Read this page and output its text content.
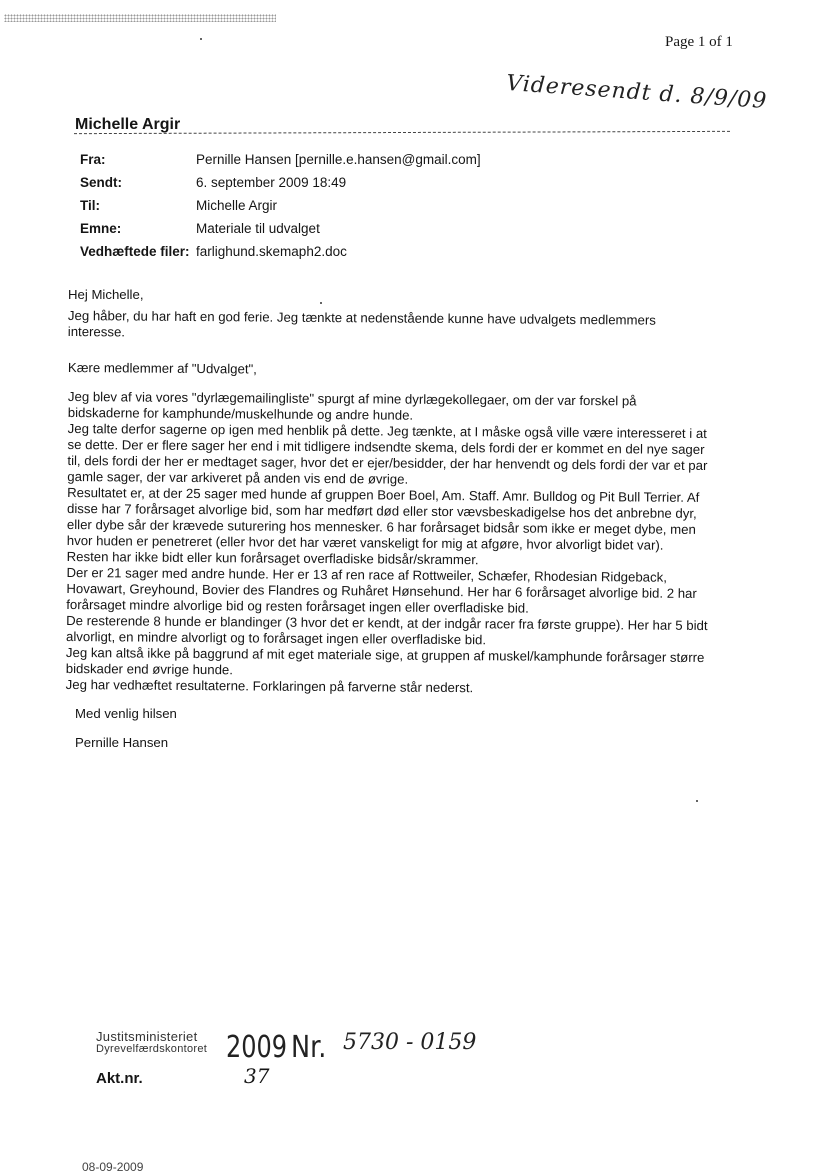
Page 1 of 1
Videresendt d. 8/9/09
Michelle Argir
Fra:	Pernille Hansen [pernille.e.hansen@gmail.com]
Sendt:	6. september 2009 18:49
Til:	Michelle Argir
Emne:	Materiale til udvalget
Vedhæftede filer: farlighund.skemaph2.doc
Hej Michelle,

Jeg håber, du har haft en god ferie. Jeg tænkte at nedenstående kunne have udvalgets medlemmers

interesse.

Kære medlemmer af "Udvalget",

Jeg blev af via vores "dyrlægemailingliste" spurgt af mine dyrlægekollegaer, om der var forskel på

bidskaderne for kamphunde/muskelhunde og andre hunde.

Jeg talte derfor sagerne op igen med henblik på dette. Jeg tænkte, at I måske også ville være interesseret i at

se dette. Der er flere sager her end i mit tidligere indsendte skema, dels fordi der er kommet en del nye sager

til, dels fordi der her er medtaget sager, hvor det er ejer/besidder, der har henvendt og dels fordi der var et par

gamle sager, der var arkiveret på anden vis end de øvrige.

Resultatet er, at der 25 sager med hunde af gruppen Boer Boel, Am. Staff. Amr. Bulldog og Pit Bull Terrier. Af

disse har 7 forårsaget alvorlige bid, som har medført død eller stor vævsbeskadigelse hos det anbrebne dyr,

eller dybe sår der krævede suturering hos mennesker. 6 har forårsaget bidsår som ikke er meget dybe, men

hvor huden er penetreret (eller hvor det har været vanskeligt for mig at afgøre, hvor alvorligt bidet var).

Resten har ikke bidt eller kun forårsaget overfladiske bidsår/skrammer.

Der er 21 sager med andre hunde. Her er 13 af ren race af Rottweiler, Schæfer, Rhodesian Ridgeback,

Hovawart, Greyhound, Bovier des Flandres og Ruhåret Hønsehund. Her har 6 forårsaget alvorlige bid. 2 har

forårsaget mindre alvorlige bid og resten forårsaget ingen eller overfladiske bid.

De resterende 8 hunde er blandinger (3 hvor det er kendt, at der indgår racer fra første gruppe). Her har 5 bidt

alvorligt, en mindre alvorligt og to forårsaget ingen eller overfladiske bid.

Jeg kan altså ikke på baggrund af mit eget materiale sige, at gruppen af muskel/kamphunde forårsager større

bidskader end øvrige hunde.

Jeg har vedhæftet resultaterne. Forklaringen på farverne står nederst.

Med venlig hilsen
Pernille Hansen
Justitsministeriet
Dyrevelfærdskontoret 2009 Nr. 5730 - 0159
Akt.nr.	37
08-09-2009
